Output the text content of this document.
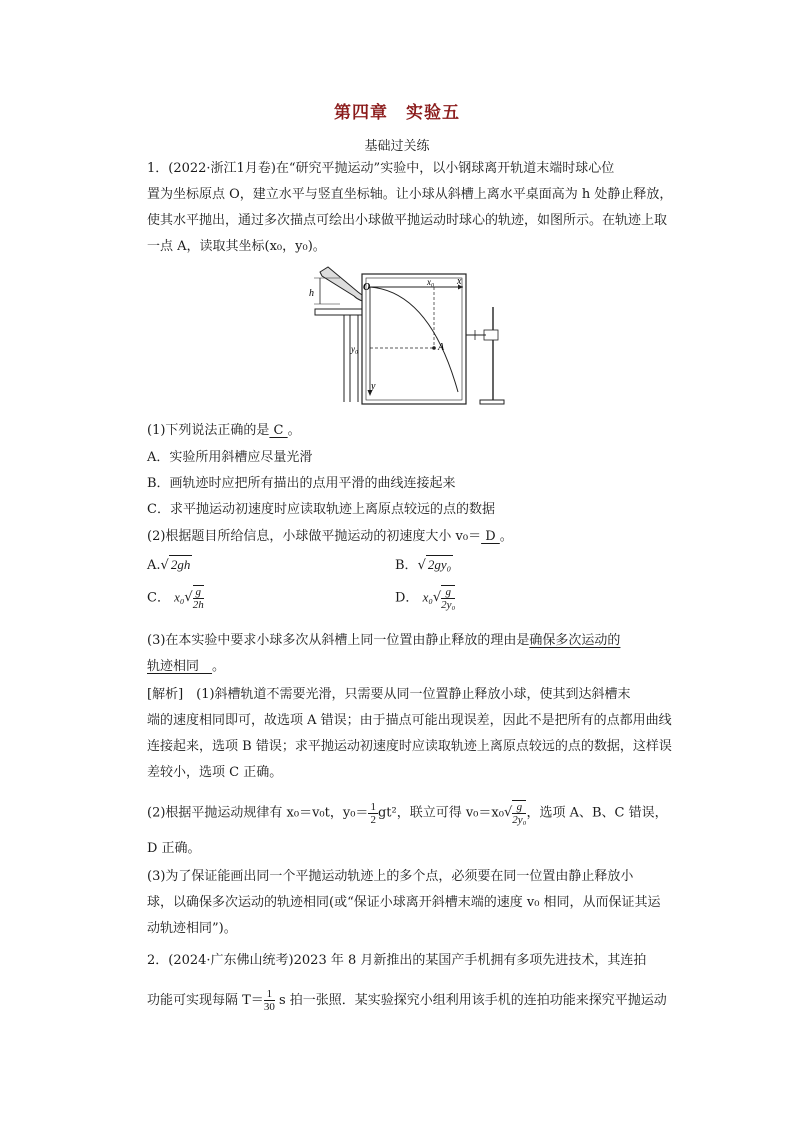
第四章　实验五
基础过关练
1．(2022·浙江1月卷)在“研究平抛运动”实验中，以小钢球离开轨道末端时球心位
置为坐标原点 O，建立水平与竖直坐标轴。让小球从斜槽上离水平桌面高为 h 处静止释放，
使其水平抛出，通过多次描点可绘出小球做平抛运动时球心的轨迹，如图所示。在轨迹上取
一点 A，读取其坐标(x₀，y₀)。
h
O	x₀ x
y₀
y
A
(1)下列说法正确的是 C 。
A．实验所用斜槽应尽量光滑
B．画轨迹时应把所有描出的点用平滑的曲线连接起来
C．求平抛运动初速度时应读取轨迹上离原点较远的点的数据
(2)根据题目所给信息，小球做平抛运动的初速度大小 v₀＝ D 。
A.√ 2gh	B．√ 2gy₀
C． $x_0√ \frac{g}{2h}$	D． $x_0√ \frac{g}{\text{2y₀}}$
(3)在本实验中要求小球多次从斜槽上同一位置由静止释放的理由是确保多次运动的
轨迹相同　 。
[解析]　(1)斜槽轨道不需要光滑，只需要从同一位置静止释放小球，使其到达斜槽末
端的速度相同即可，故选项 A 错误；由于描点可能出现误差，因此不是把所有的点都用曲线
连接起来，选项 B 错误；求平抛运动初速度时应读取轨迹上离原点较远的点的数据，这样误
差较小，选项 C 正确。
(2)根据平抛运动规律有 x₀＝v₀t，$y_0= \frac{1}{2} gt^2$，联立可得 $v_0=x_0√ \frac{g}{\text{2y₀}}$ ，选项 A、B、C 错误，
D 正确。
(3)为了保证能画出同一个平抛运动轨迹上的多个点，必须要在同一位置由静止释放小
球，以确保多次运动的轨迹相同(或“保证小球离开斜槽末端的速度 v₀ 相同，从而保证其运
动轨迹相同”)。
2．(2024·广东佛山统考)2023 年 8 月新推出的某国产手机拥有多项先进技术，其连拍
功能可实现每隔 $T= \frac{1}{30}$ s 拍一张照．某实验探究小组利用该手机的连拍功能来探究平抛运动
